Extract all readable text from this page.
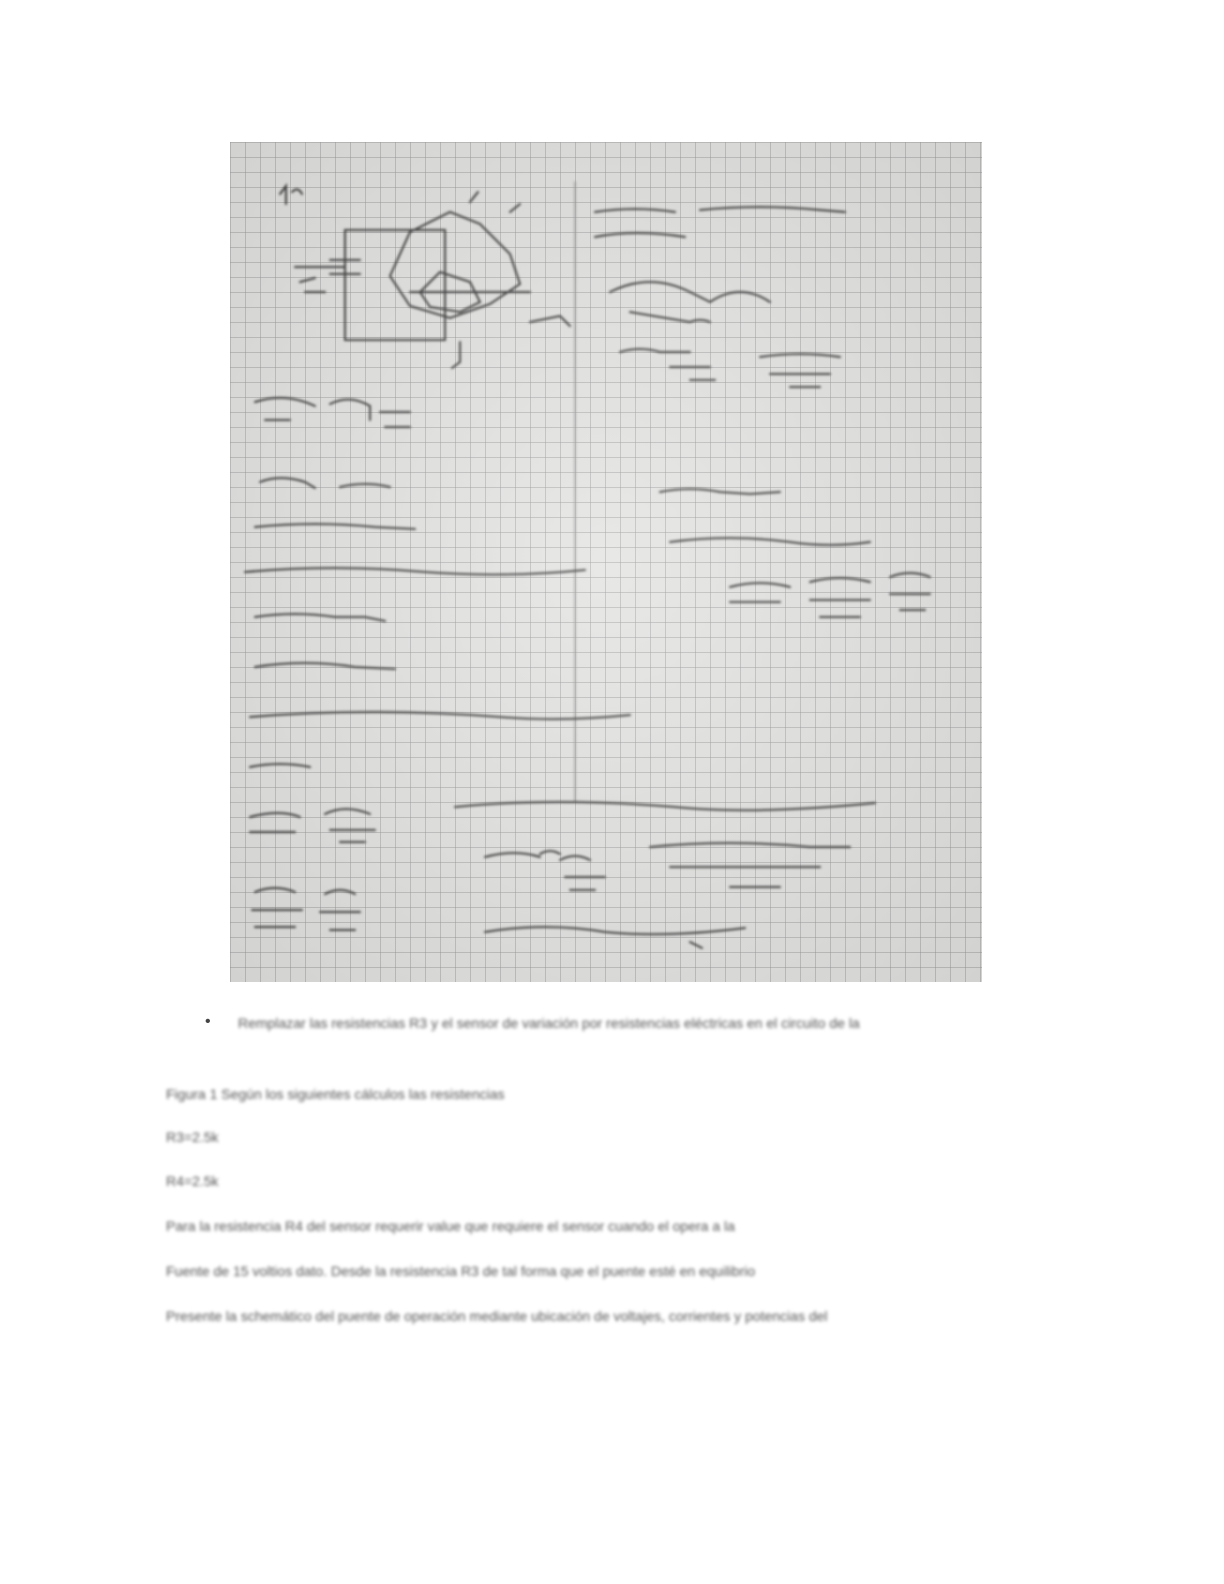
• Remplazar las resistencias R3 y el sensor de variación por resistencias eléctricas en el circuito de la
Figura 1 Según los siguientes cálculos las resistencias
R3=2.5k
R4=2.5k
Para la resistencia R4 del sensor requerir value que requiere el sensor cuando el opera a la
Fuente de 15 voltios dato. Desde la resistencia R3 de tal forma que el puente esté en equilibrio
Presente la schemático del puente de operación mediante ubicación de voltajes, corrientes y potencias del
